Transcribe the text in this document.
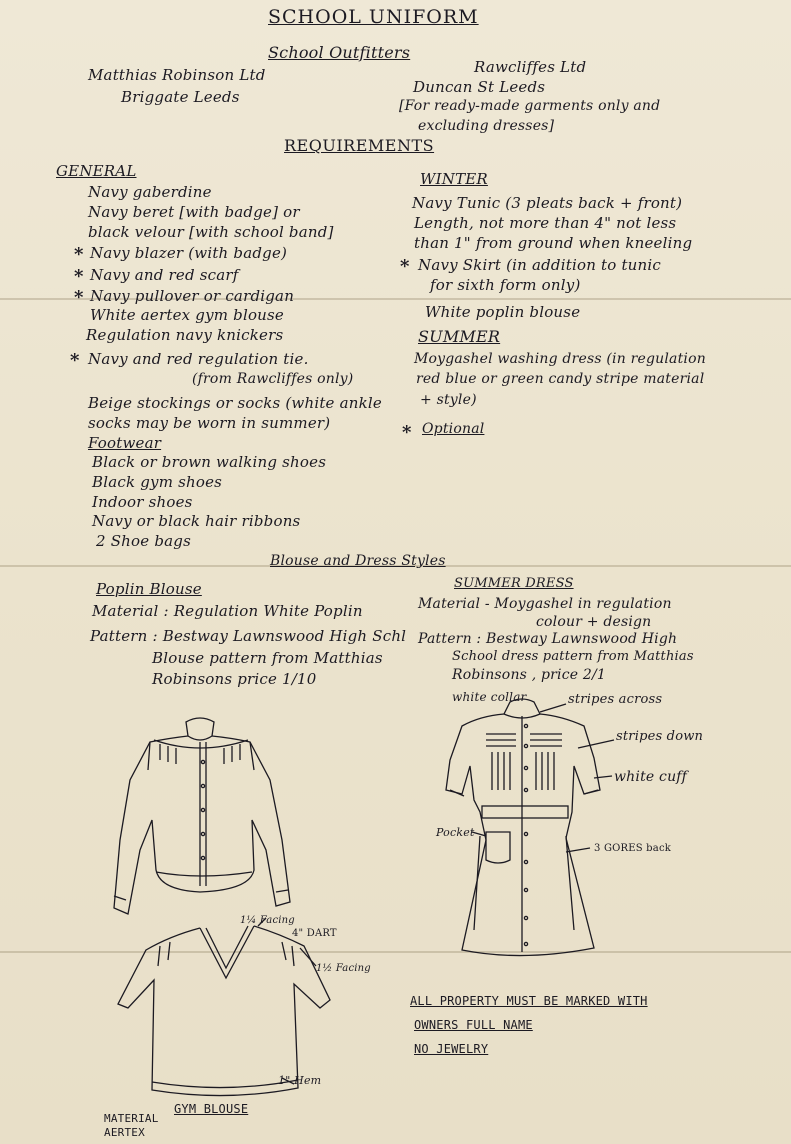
SCHOOL UNIFORM
School Outfitters
Matthias Robinson Ltd
Briggate Leeds
Rawcliffes Ltd
Duncan St Leeds
[For ready-made garments only and
excluding dresses]
REQUIREMENTS
GENERAL
Navy gaberdine
Navy beret [with badge] or
black velour [with school band]
* Navy blazer (with badge)
* Navy and red scarf
* Navy pullover or cardigan
White aertex gym blouse
Regulation navy knickers
* Navy and red regulation tie.
(from Rawcliffes only)
Beige stockings or socks (white ankle
socks may be worn in summer)
Footwear
Black or brown walking shoes
Black gym shoes
Indoor shoes
Navy or black hair ribbons
2 Shoe bags
WINTER
Navy Tunic (3 pleats back + front)
Length, not more than 4" not less
than 1" from ground when kneeling
* Navy Skirt (in addition to tunic
for sixth form only)
White poplin blouse
SUMMER
Moygashel washing dress (in regulation
red blue or green candy stripe material
+ style)
* Optional
Blouse and Dress Styles
Poplin Blouse
Material : Regulation White Poplin
Pattern : Bestway Lawnswood High Schl
Blouse pattern from Matthias
Robinsons price 1/10
SUMMER DRESS
Material - Moygashel in regulation
colour + design
Pattern : Bestway Lawnswood High
School dress pattern from Matthias
Robinsons , price 2/1
white collar	stripes across
stripes down
white cuff
Pocket
3 GORES back
1¼ Facing
4" DART
1½ Facing
1" Hem
MATERIAL
AERTEX
GYM BLOUSE
ALL PROPERTY MUST BE MARKED WITH
OWNERS FULL NAME
NO JEWELRY
